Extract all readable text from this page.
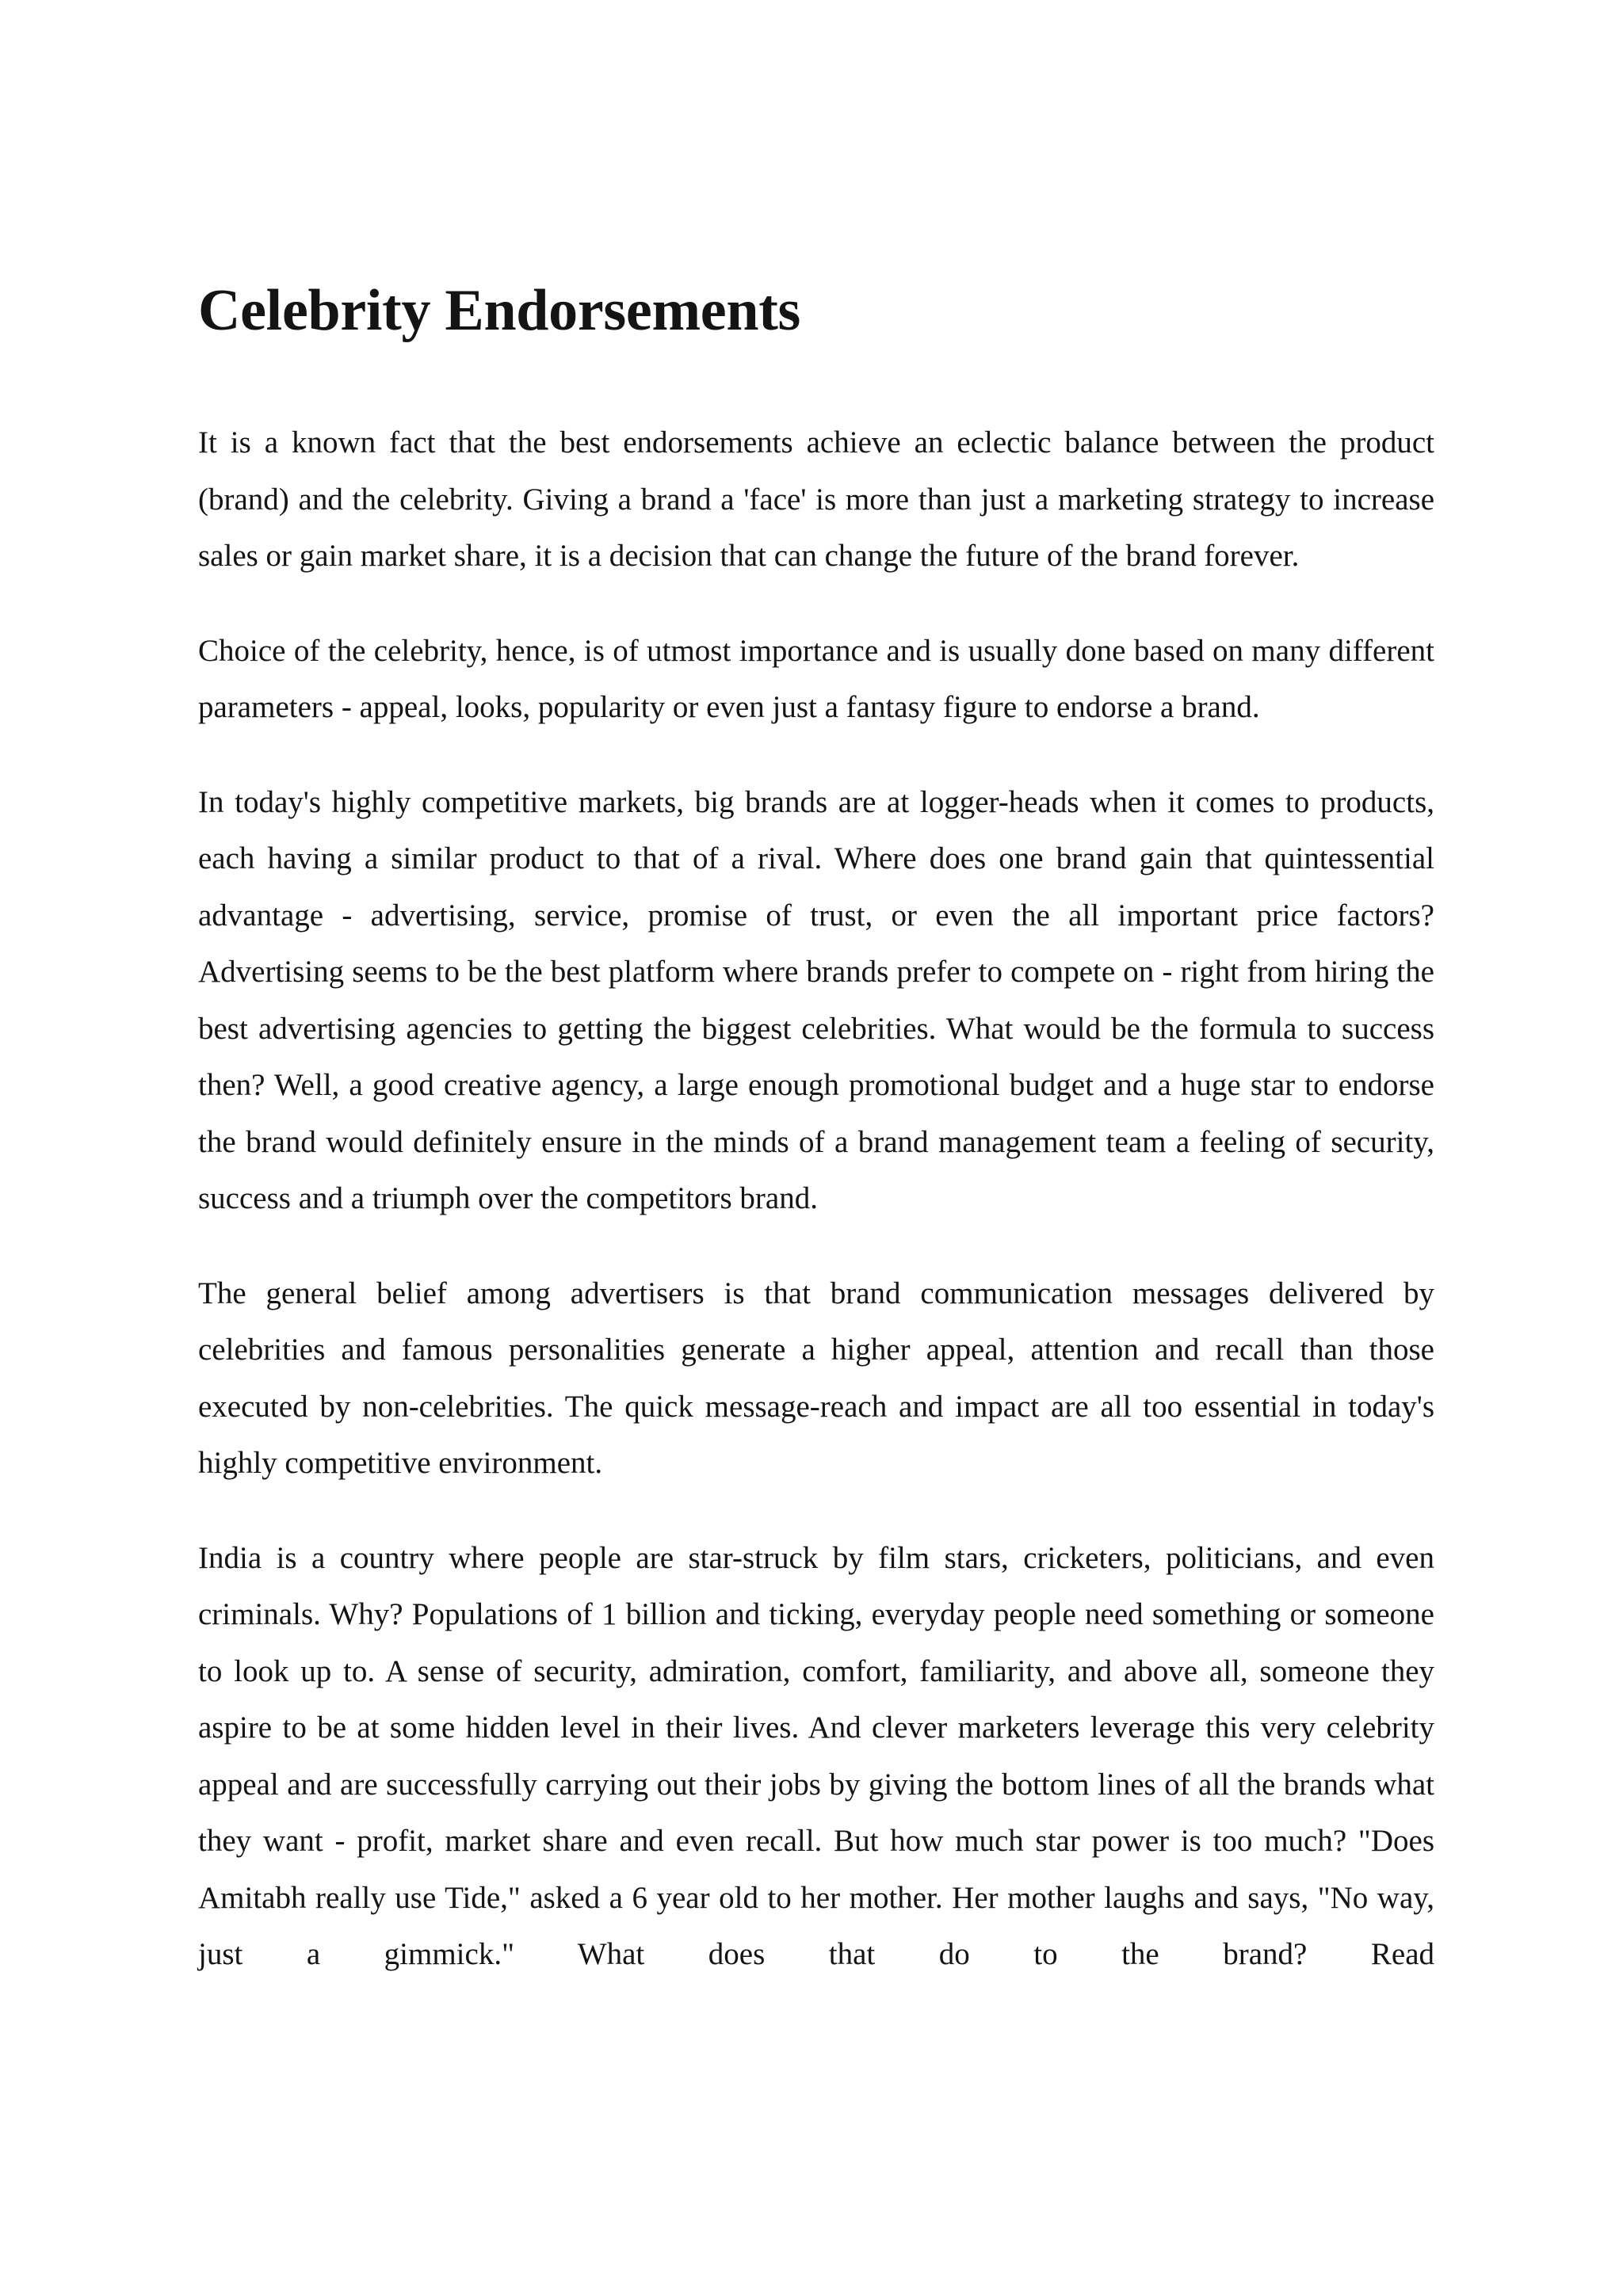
Celebrity Endorsements

It is a known fact that the best endorsements achieve an eclectic balance between the product (brand) and the celebrity. Giving a brand a 'face' is more than just a marketing strategy to increase sales or gain market share, it is a decision that can change the future of the brand forever.

Choice of the celebrity, hence, is of utmost importance and is usually done based on many different parameters - appeal, looks, popularity or even just a fantasy figure to endorse a brand.

In today's highly competitive markets, big brands are at logger-heads when it comes to products, each having a similar product to that of a rival. Where does one brand gain that quintessential advantage - advertising, service, promise of trust, or even the all important price factors? Advertising seems to be the best platform where brands prefer to compete on - right from hiring the best advertising agencies to getting the biggest celebrities. What would be the formula to success then? Well, a good creative agency, a large enough promotional budget and a huge star to endorse the brand would definitely ensure in the minds of a brand management team a feeling of security, success and a triumph over the competitors brand.

The general belief among advertisers is that brand communication messages delivered by celebrities and famous personalities generate a higher appeal, attention and recall than those executed by non-celebrities. The quick message-reach and impact are all too essential in today's highly competitive environment.

India is a country where people are star-struck by film stars, cricketers, politicians, and even criminals. Why? Populations of 1 billion and ticking, everyday people need something or someone to look up to. A sense of security, admiration, comfort, familiarity, and above all, someone they aspire to be at some hidden level in their lives. And clever marketers leverage this very celebrity appeal and are successfully carrying out their jobs by giving the bottom lines of all the brands what they want - profit, market share and even recall. But how much star power is too much? "Does Amitabh really use Tide," asked a 6 year old to her mother. Her mother laughs and says, "No way, just a gimmick." What does that do to the brand? Read
